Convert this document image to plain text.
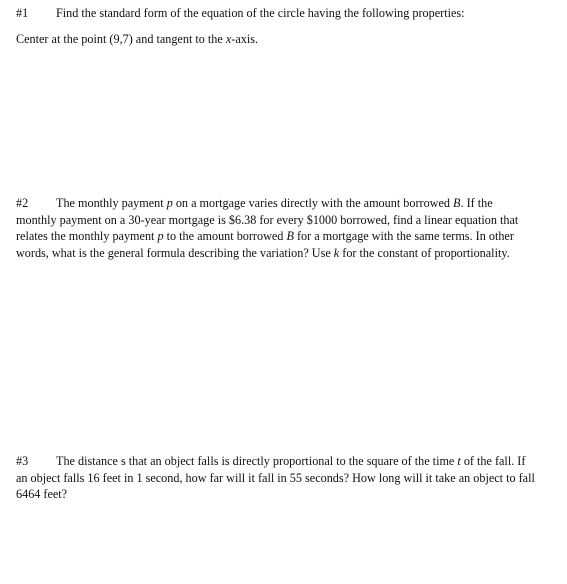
#1 Find the standard form of the equation of the circle having the following properties:
Center at the point (9,7) and tangent to the x-axis.
#2 The monthly payment p on a mortgage varies directly with the amount borrowed B. If the monthly payment on a 30-year mortgage is $6.38 for every $1000 borrowed, find a linear equation that relates the monthly payment p to the amount borrowed B for a mortgage with the same terms. In other words, what is the general formula describing the variation? Use k for the constant of proportionality.
#3 The distance s that an object falls is directly proportional to the square of the time t of the fall. If an object falls 16 feet in 1 second, how far will it fall in 55 seconds? How long will it take an object to fall 6464 feet?
